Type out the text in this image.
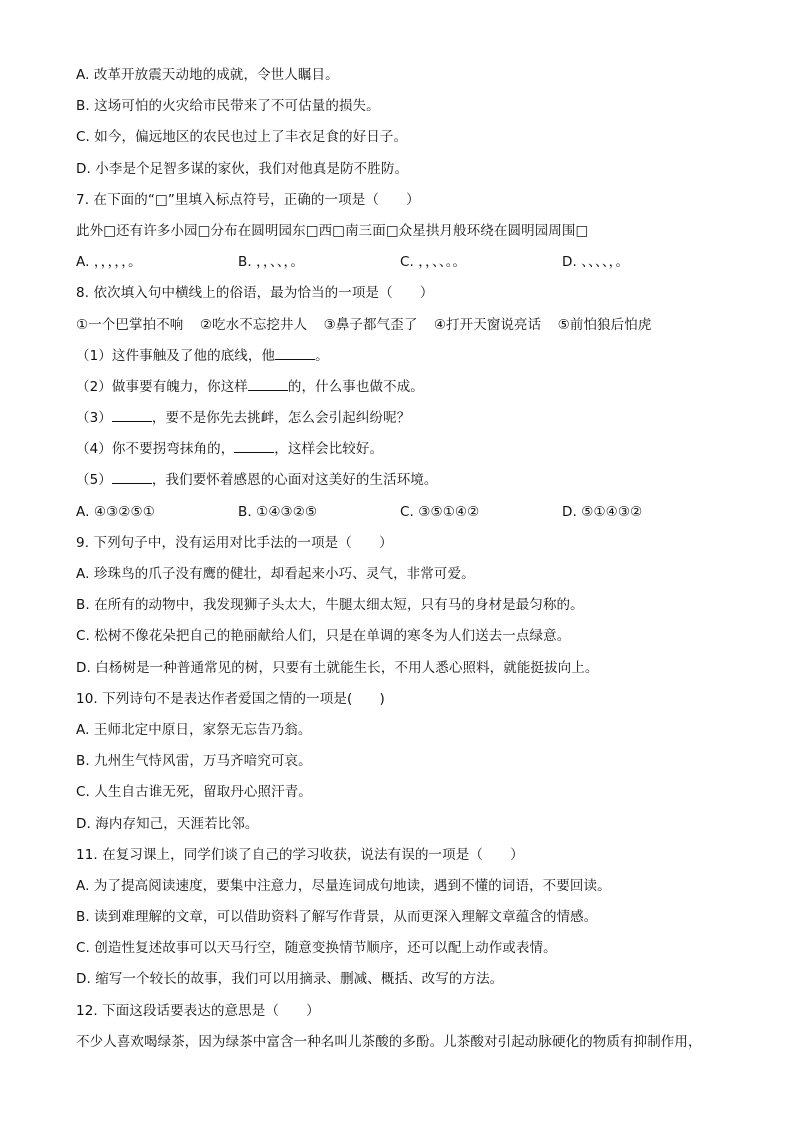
A. 改革开放震天动地的成就，令世人瞩目。
B. 这场可怕的火灾给市民带来了不可估量的损失。
C. 如今，偏远地区的农民也过上了丰衣足食的好日子。
D. 小李是个足智多谋的家伙，我们对他真是防不胜防。
7. 在下面的“□”里填入标点符号，正确的一项是（　　）
此外□还有许多小园□分布在圆明园东□西□南三面□众星拱月般环绕在圆明园周围□
A. ，，，，，。	B. ，，、、，。	C. ，，、、。。	D. 、、、、，。
8. 依次填入句中横线上的俗语，最为恰当的一项是（　　）
①一个巴掌拍不响 ②吃水不忘挖井人 ③鼻子都气歪了 ④打开天窗说亮话 ⑤前怕狼后怕虎
（1）这件事触及了他的底线，他	。
（2）做事要有魄力，你这样	的，什么事也做不成。
（3）	，要不是你先去挑衅，怎么会引起纠纷呢？
（4）你不要拐弯抹角的，	，这样会比较好。
（5）	，我们要怀着感恩的心面对这美好的生活环境。
A. ④③②⑤①	B. ①④③②⑤	C. ③⑤①④②	D. ⑤①④③②
9. 下列句子中，没有运用对比手法的一项是（　　）
A. 珍珠鸟的爪子没有鹰的健壮，却看起来小巧、灵气，非常可爱。
B. 在所有的动物中，我发现狮子头太大，牛腿太细太短，只有马的身材是最匀称的。
C. 松树不像花朵把自己的艳丽献给人们，只是在单调的寒冬为人们送去一点绿意。
D. 白杨树是一种普通常见的树，只要有土就能生长，不用人悉心照料，就能挺拔向上。
10. 下列诗句不是表达作者爱国之情的一项是(　　)
A. 王师北定中原日，家祭无忘告乃翁。
B. 九州生气恃风雷，万马齐喑究可哀。
C. 人生自古谁无死，留取丹心照汗青。
D. 海内存知己，天涯若比邻。
11. 在复习课上，同学们谈了自己的学习收获，说法有误的一项是（　　）
A. 为了提高阅读速度，要集中注意力，尽量连词成句地读，遇到不懂的词语，不要回读。
B. 读到难理解的文章，可以借助资料了解写作背景，从而更深入理解文章蕴含的情感。
C. 创造性复述故事可以天马行空，随意变换情节顺序，还可以配上动作或表情。
D. 缩写一个较长的故事，我们可以用摘录、删减、概括、改写的方法。
12. 下面这段话要表达的意思是（　　）
不少人喜欢喝绿茶，因为绿茶中富含一种名叫儿茶酸的多酚。儿茶酸对引起动脉硬化的物质有抑制作用，
